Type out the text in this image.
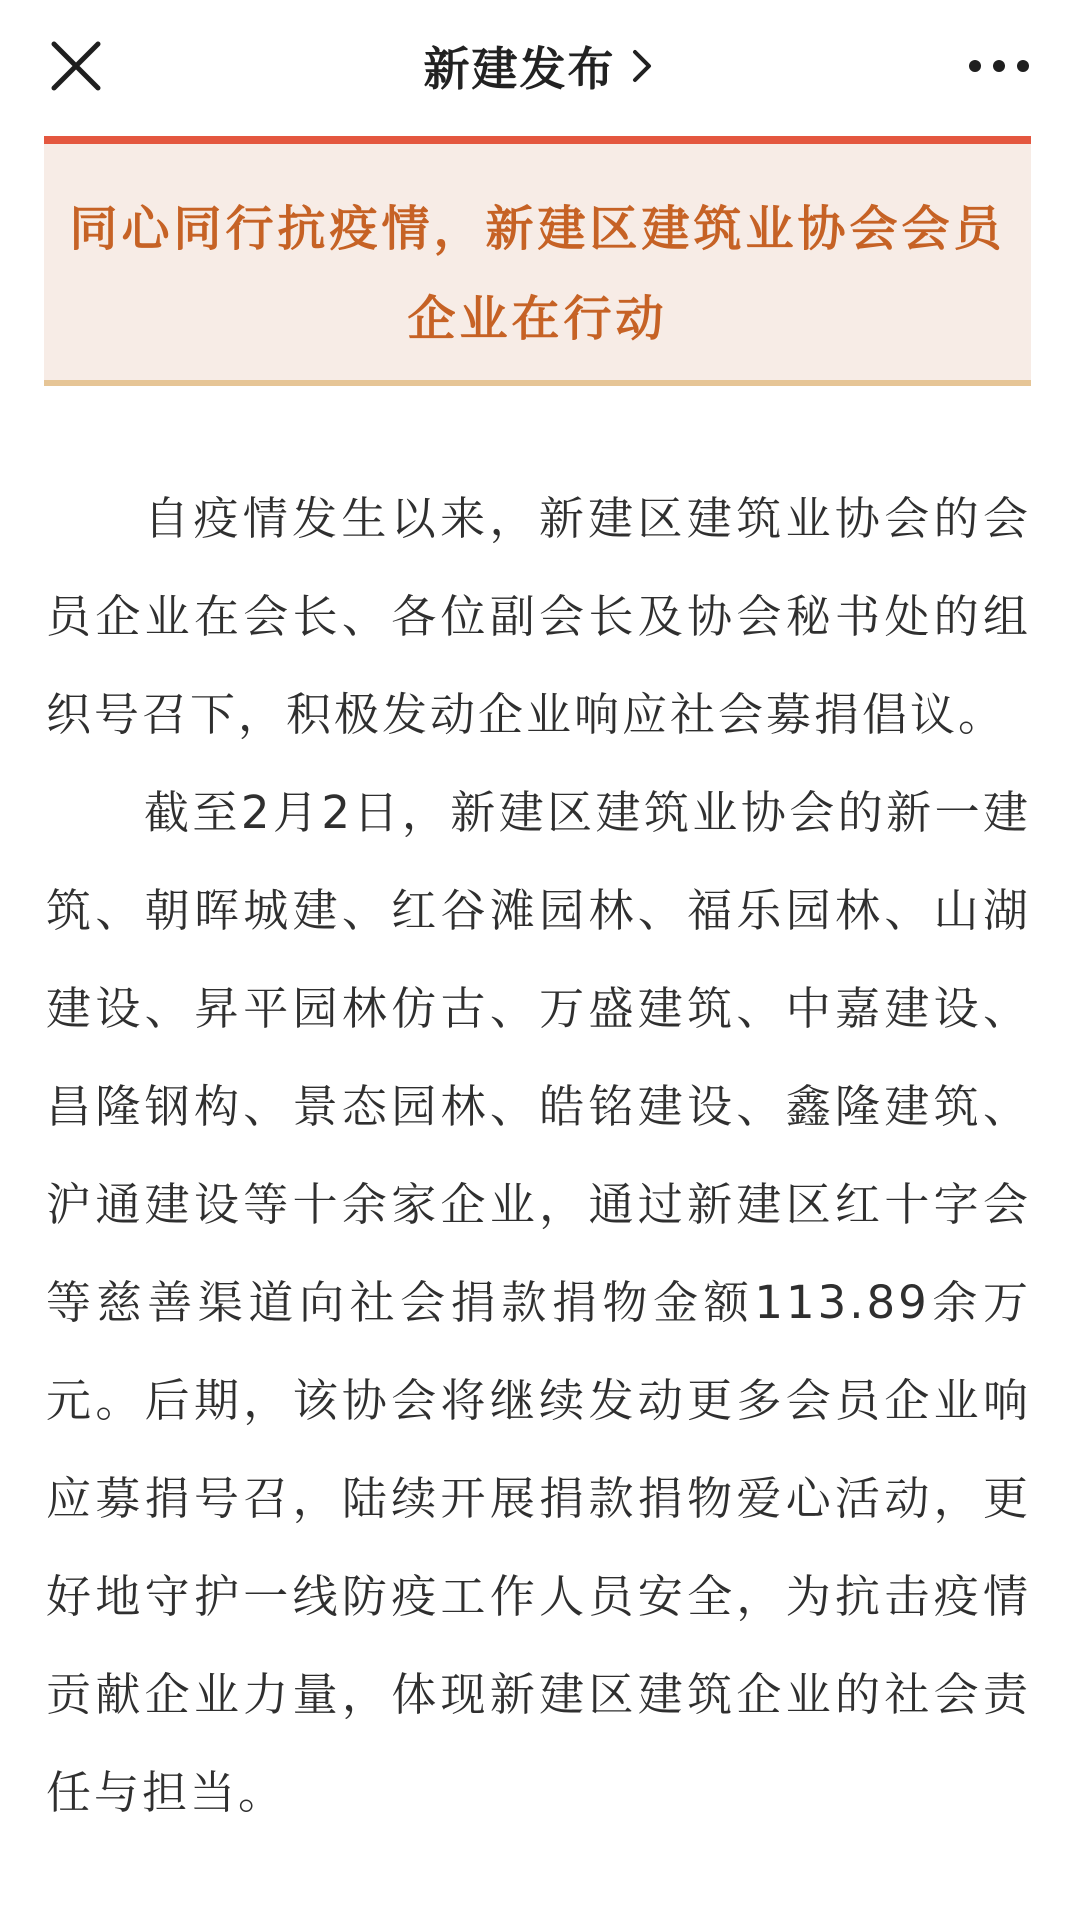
新建发布
同心同行抗疫情，新建区建筑业协会会员企业在行动

自疫情发生以来，新建区建筑业协会的会员企业在会长、各位副会长及协会秘书处的组织号召下，积极发动企业响应社会募捐倡议。

截至2月2日，新建区建筑业协会的新一建筑、朝晖城建、红谷滩园林、福乐园林、山湖建设、昇平园林仿古、万盛建筑、中嘉建设、昌隆钢构、景态园林、皓铭建设、鑫隆建筑、沪通建设等十余家企业，通过新建区红十字会等慈善渠道向社会捐款捐物金额113.89余万元。后期，该协会将继续发动更多会员企业响应募捐号召，陆续开展捐款捐物爱心活动，更好地守护一线防疫工作人员安全，为抗击疫情贡献企业力量，体现新建区建筑企业的社会责任与担当。
